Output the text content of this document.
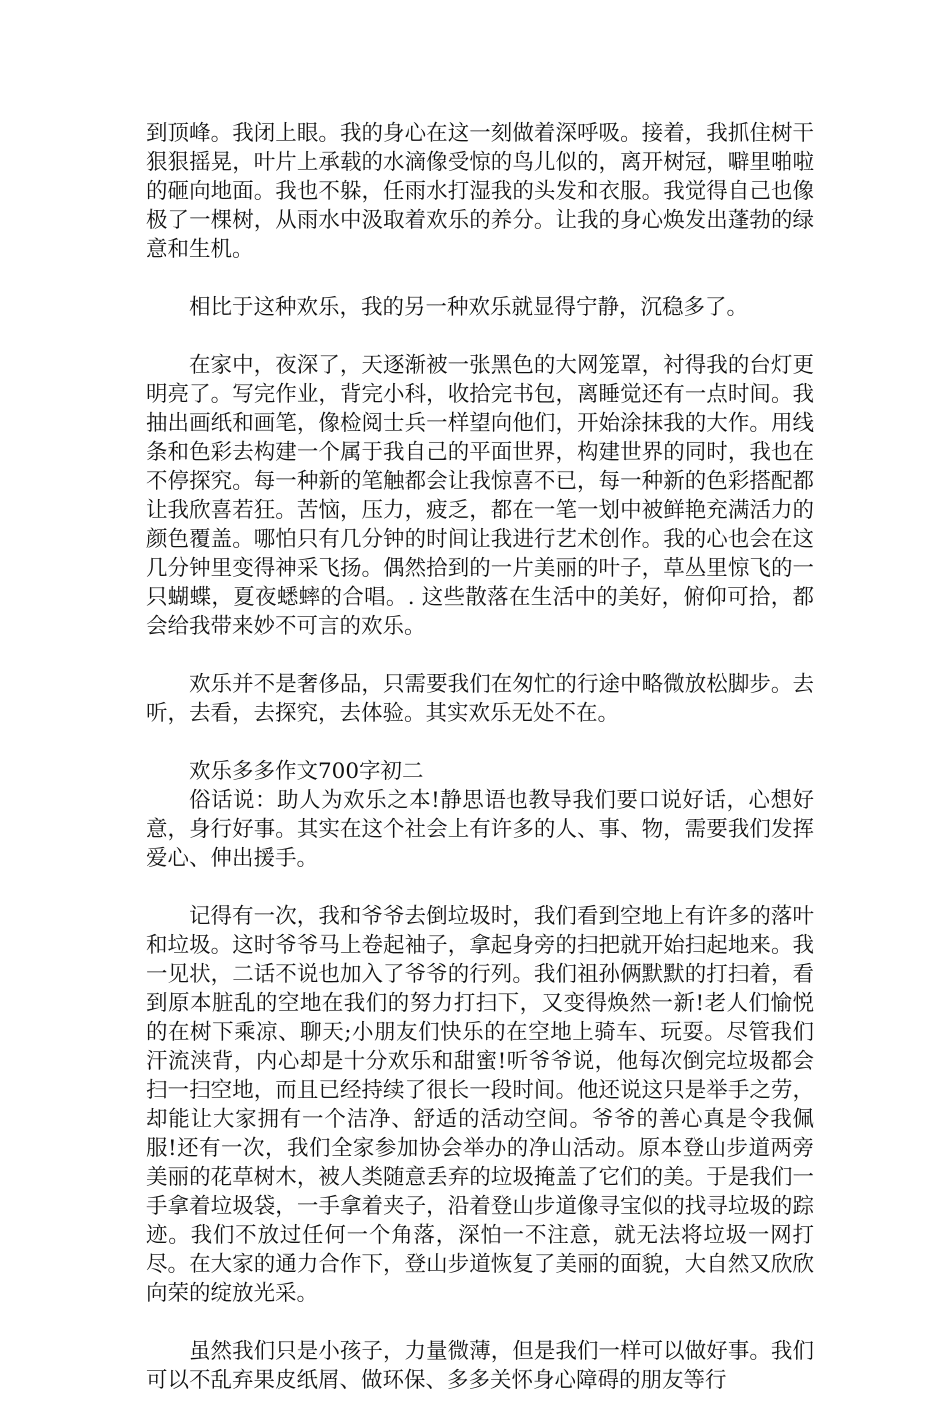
到顶峰。我闭上眼。我的身心在这一刻做着深呼吸。接着，我抓住树干狠狠摇晃，叶片上承载的水滴像受惊的鸟儿似的，离开树冠，噼里啪啦的砸向地面。我也不躲，任雨水打湿我的头发和衣服。我觉得自己也像极了一棵树，从雨水中汲取着欢乐的养分。让我的身心焕发出蓬勃的绿意和生机。

相比于这种欢乐，我的另一种欢乐就显得宁静，沉稳多了。

在家中，夜深了，天逐渐被一张黑色的大网笼罩，衬得我的台灯更明亮了。写完作业，背完小科，收拾完书包，离睡觉还有一点时间。我抽出画纸和画笔，像检阅士兵一样望向他们，开始涂抹我的大作。用线条和色彩去构建一个属于我自己的平面世界，构建世界的同时，我也在不停探究。每一种新的笔触都会让我惊喜不已，每一种新的色彩搭配都让我欣喜若狂。苦恼，压力，疲乏，都在一笔一划中被鲜艳充满活力的颜色覆盖。哪怕只有几分钟的时间让我进行艺术创作。我的心也会在这几分钟里变得神采飞扬。偶然拾到的一片美丽的叶子，草丛里惊飞的一只蝴蝶，夏夜蟋蟀的合唱。. 这些散落在生活中的美好，俯仰可拾，都会给我带来妙不可言的欢乐。

欢乐并不是奢侈品，只需要我们在匆忙的行途中略微放松脚步。去听，去看，去探究，去体验。其实欢乐无处不在。

欢乐多多作文700字初二

俗话说：助人为欢乐之本!静思语也教导我们要口说好话，心想好意，身行好事。其实在这个社会上有许多的人、事、物，需要我们发挥爱心、伸出援手。

记得有一次，我和爷爷去倒垃圾时，我们看到空地上有许多的落叶和垃圾。这时爷爷马上卷起袖子，拿起身旁的扫把就开始扫起地来。我一见状，二话不说也加入了爷爷的行列。我们祖孙俩默默的打扫着，看到原本脏乱的空地在我们的努力打扫下，又变得焕然一新!老人们愉悦的在树下乘凉、聊天;小朋友们快乐的在空地上骑车、玩耍。尽管我们汗流浃背，内心却是十分欢乐和甜蜜!听爷爷说，他每次倒完垃圾都会扫一扫空地，而且已经持续了很长一段时间。他还说这只是举手之劳，却能让大家拥有一个洁净、舒适的活动空间。爷爷的善心真是令我佩服!还有一次，我们全家参加协会举办的净山活动。原本登山步道两旁美丽的花草树木，被人类随意丢弃的垃圾掩盖了它们的美。于是我们一手拿着垃圾袋，一手拿着夹子，沿着登山步道像寻宝似的找寻垃圾的踪迹。我们不放过任何一个角落，深怕一不注意，就无法将垃圾一网打尽。在大家的通力合作下，登山步道恢复了美丽的面貌，大自然又欣欣向荣的绽放光采。

虽然我们只是小孩子，力量微薄，但是我们一样可以做好事。我们可以不乱弃果皮纸屑、做环保、多多关怀身心障碍的朋友等行
